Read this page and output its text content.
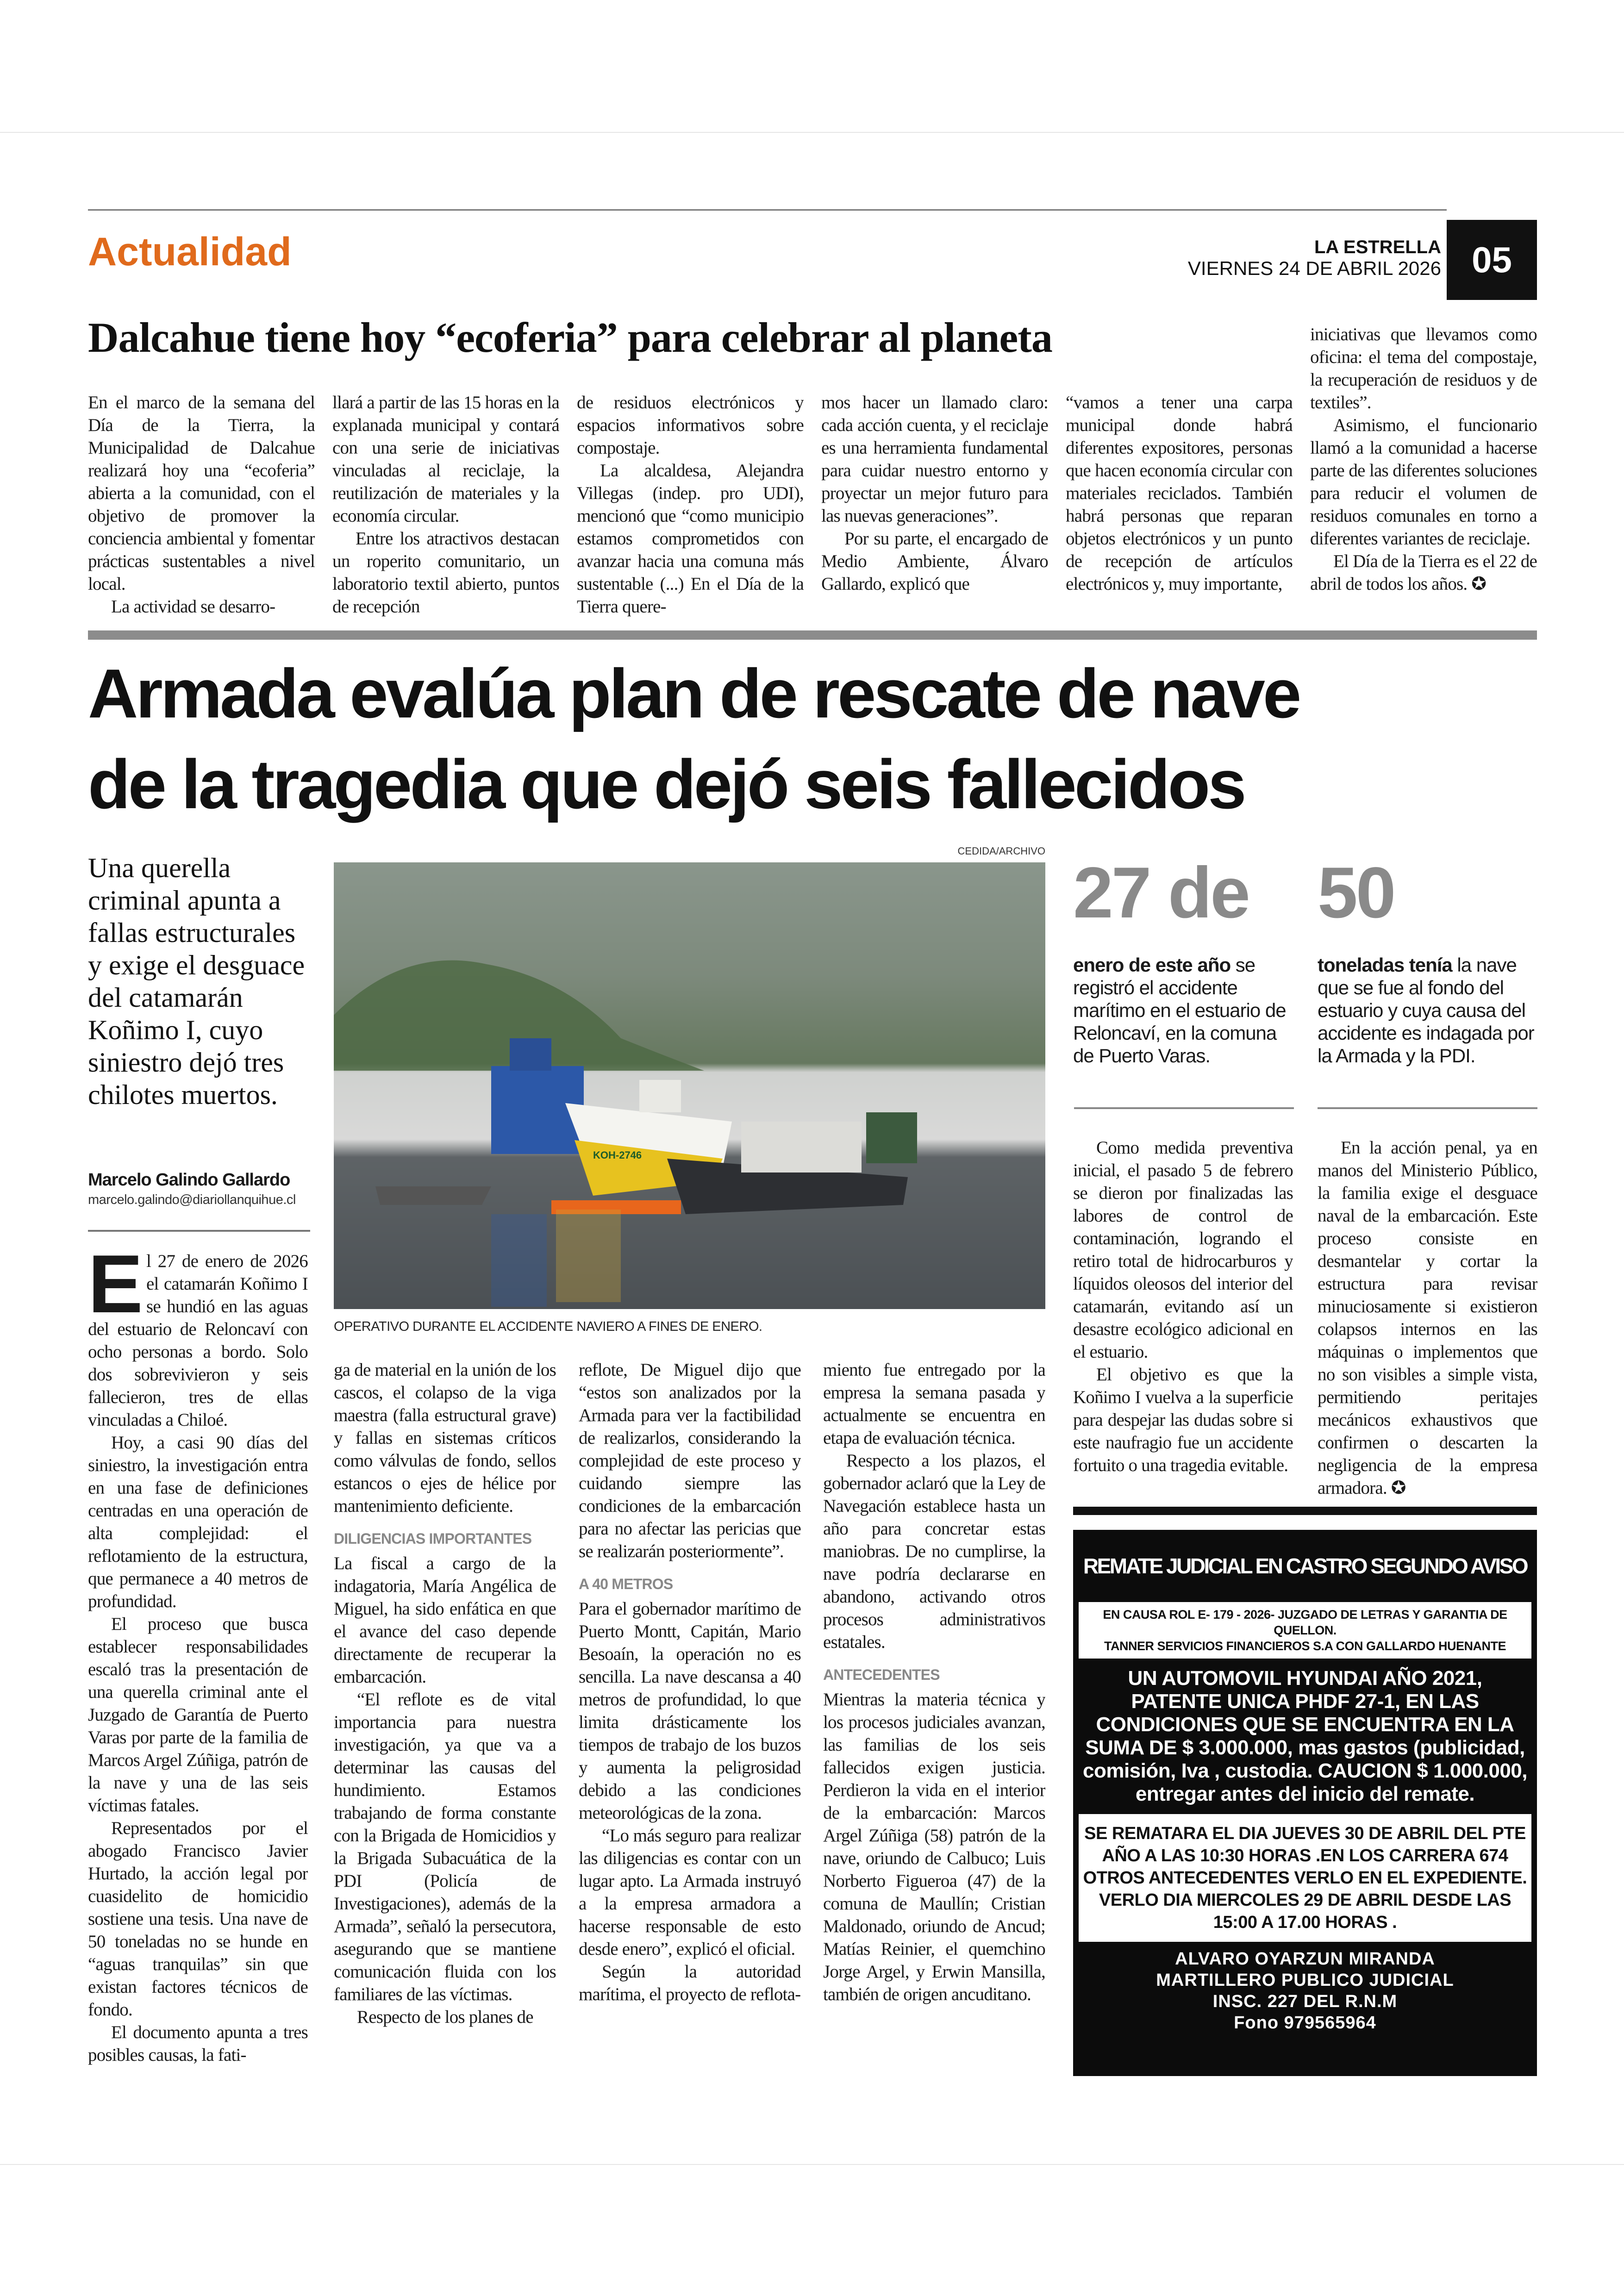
Actualidad	LA ESTRELLA
VIERNES 24 DE ABRIL 2026 05
Dalcahue tiene hoy “ecoferia” para celebrar al planeta

En el marco de la semana del Día de la Tierra, la Municipalidad de Dalcahue realizará hoy una “ecoferia” abierta a la comunidad, con el objetivo de promover la conciencia ambiental y fomentar prácticas sustentables a nivel local.

La actividad se desarro-

llará a partir de las 15 horas en la explanada municipal y contará con una serie de iniciativas vinculadas al reciclaje, la reutilización de materiales y la economía circular.

Entre los atractivos destacan un roperito comunitario, un laboratorio textil abierto, puntos de recepción

de residuos electrónicos y espacios informativos sobre compostaje.

La alcaldesa, Alejandra Villegas (indep. pro UDI), mencionó que “como municipio estamos comprometidos con avanzar hacia una comuna más sustentable (...) En el Día de la Tierra quere-

mos hacer un llamado claro: cada acción cuenta, y el reciclaje es una herramienta fundamental para cuidar nuestro entorno y proyectar un mejor futuro para las nuevas generaciones”.

Por su parte, el encargado de Medio Ambiente, Álvaro Gallardo, explicó que

“vamos a tener una carpa municipal donde habrá diferentes expositores, personas que hacen economía circular con materiales reciclados. También habrá personas que reparan objetos electrónicos y un punto de recepción de artículos electrónicos y, muy importante,

iniciativas que llevamos como oficina: el tema del compostaje, la recuperación de residuos y de textiles”.

Asimismo, el funcionario llamó a la comunidad a hacerse parte de las diferentes soluciones para reducir el volumen de residuos comunales en torno a diferentes variantes de reciclaje.

El Día de la Tierra es el 22 de abril de todos los años. ✪

Armada evalúa plan de rescate de nave
de la tragedia que dejó seis fallecidos
Una querella criminal apunta a fallas estructurales y exige el desguace del catamarán Koñimo I, cuyo siniestro dejó tres chilotes muertos.
Marcelo Galindo Gallardo
marcelo.galindo@diariollanquihue.cl
CEDIDA/ARCHIVO
KOH-2746
OPERATIVO DURANTE EL ACCIDENTE NAVIERO A FINES DE ENERO.
27 de 50
enero de este año se registró el accidente marítimo en el estuario de Reloncaví, en la comuna de Puerto Varas.
toneladas tenía la nave que se fue al fondo del estuario y cuya causa del accidente es indagada por la Armada y la PDI.
E l 27 de enero de 2026 el catamarán Koñimo I se hundió en las aguas del estuario de Reloncaví con ocho personas a bordo. Solo dos sobrevivieron y seis fallecieron, tres de ellas vinculadas a Chiloé.

Hoy, a casi 90 días del siniestro, la investigación entra en una fase de definiciones centradas en una operación de alta complejidad: el reflotamiento de la estructura, que permanece a 40 metros de profundidad.

El proceso que busca establecer responsabilidades escaló tras la presentación de una querella criminal ante el Juzgado de Garantía de Puerto Varas por parte de la familia de Marcos Argel Zúñiga, patrón de la nave y una de las seis víctimas fatales.

Representados por el abogado Francisco Javier Hurtado, la acción legal por cuasidelito de homicidio sostiene una tesis. Una nave de 50 toneladas no se hunde en “aguas tranquilas” sin que existan factores técnicos de fondo.

El documento apunta a tres posibles causas, la fati-

ga de material en la unión de los cascos, el colapso de la viga maestra (falla estructural grave) y fallas en sistemas críticos como válvulas de fondo, sellos estancos o ejes de hélice por mantenimiento deficiente.

DILIGENCIAS IMPORTANTES

La fiscal a cargo de la indagatoria, María Angélica de Miguel, ha sido enfática en que el avance del caso depende directamente de recuperar la embarcación.

“El reflote es de vital importancia para nuestra investigación, ya que va a determinar las causas del hundimiento. Estamos trabajando de forma constante con la Brigada de Homicidios y la Brigada Subacuática de la PDI (Policía de Investigaciones), además de la Armada”, señaló la persecutora, asegurando que se mantiene comunicación fluida con los familiares de las víctimas.

Respecto de los planes de

reflote, De Miguel dijo que “estos son analizados por la Armada para ver la factibilidad de realizarlos, considerando la complejidad de este proceso y cuidando siempre las condiciones de la embarcación para no afectar las pericias que se realizarán posteriormente”.

A 40 METROS

Para el gobernador marítimo de Puerto Montt, Capitán, Mario Besoaín, la operación no es sencilla. La nave descansa a 40 metros de profundidad, lo que limita drásticamente los tiempos de trabajo de los buzos y aumenta la peligrosidad debido a las condiciones meteorológicas de la zona.

“Lo más seguro para realizar las diligencias es contar con un lugar apto. La Armada instruyó a la empresa armadora a hacerse responsable de esto desde enero”, explicó el oficial.

Según la autoridad marítima, el proyecto de reflota-

miento fue entregado por la empresa la semana pasada y actualmente se encuentra en etapa de evaluación técnica.

Respecto a los plazos, el gobernador aclaró que la Ley de Navegación establece hasta un año para concretar estas maniobras. De no cumplirse, la nave podría declararse en abandono, activando otros procesos administrativos estatales.

ANTECEDENTES

Mientras la materia técnica y los procesos judiciales avanzan, las familias de los seis fallecidos exigen justicia. Perdieron la vida en el interior de la embarcación: Marcos Argel Zúñiga (58) patrón de la nave, oriundo de Calbuco; Luis Norberto Figueroa (47) de la comuna de Maullín; Cristian Maldonado, oriundo de Ancud; Matías Reinier, el quemchino Jorge Argel, y Erwin Mansilla, también de origen ancuditano.

Como medida preventiva inicial, el pasado 5 de febrero se dieron por finalizadas las labores de control de contaminación, logrando el retiro total de hidrocarburos y líquidos oleosos del interior del catamarán, evitando así un desastre ecológico adicional en el estuario.

El objetivo es que la Koñimo I vuelva a la superficie para despejar las dudas sobre si este naufragio fue un accidente fortuito o una tragedia evitable.

En la acción penal, ya en manos del Ministerio Público, la familia exige el desguace naval de la embarcación. Este proceso consiste en desmantelar y cortar la estructura para revisar minuciosamente si existieron colapsos internos en las máquinas o implementos que no son visibles a simple vista, permitiendo peritajes mecánicos exhaustivos que confirmen o descarten la negligencia de la empresa armadora. ✪

REMATE JUDICIAL EN CASTRO SEGUNDO AVISO
EN CAUSA ROL E- 179 - 2026- JUZGADO DE LETRAS Y GARANTIA DE QUELLON.
TANNER SERVICIOS FINANCIEROS S.A CON GALLARDO HUENANTE
UN AUTOMOVIL HYUNDAI AÑO 2021, PATENTE UNICA PHDF 27-1, EN LAS CONDICIONES QUE SE ENCUENTRA EN LA SUMA DE $ 3.000.000, mas gastos (publicidad, comisión, Iva , custodia. CAUCION $ 1.000.000, entregar antes del inicio del remate.
SE REMATARA EL DIA JUEVES 30 DE ABRIL DEL PTE AÑO A LAS 10:30 HORAS .EN LOS CARRERA 674 OTROS ANTECEDENTES VERLO EN EL EXPEDIENTE. VERLO DIA MIERCOLES 29 DE ABRIL DESDE LAS 15:00 A 17.00 HORAS .
ALVARO OYARZUN MIRANDA
MARTILLERO PUBLICO JUDICIAL
INSC. 227 DEL R.N.M
Fono 979565964
